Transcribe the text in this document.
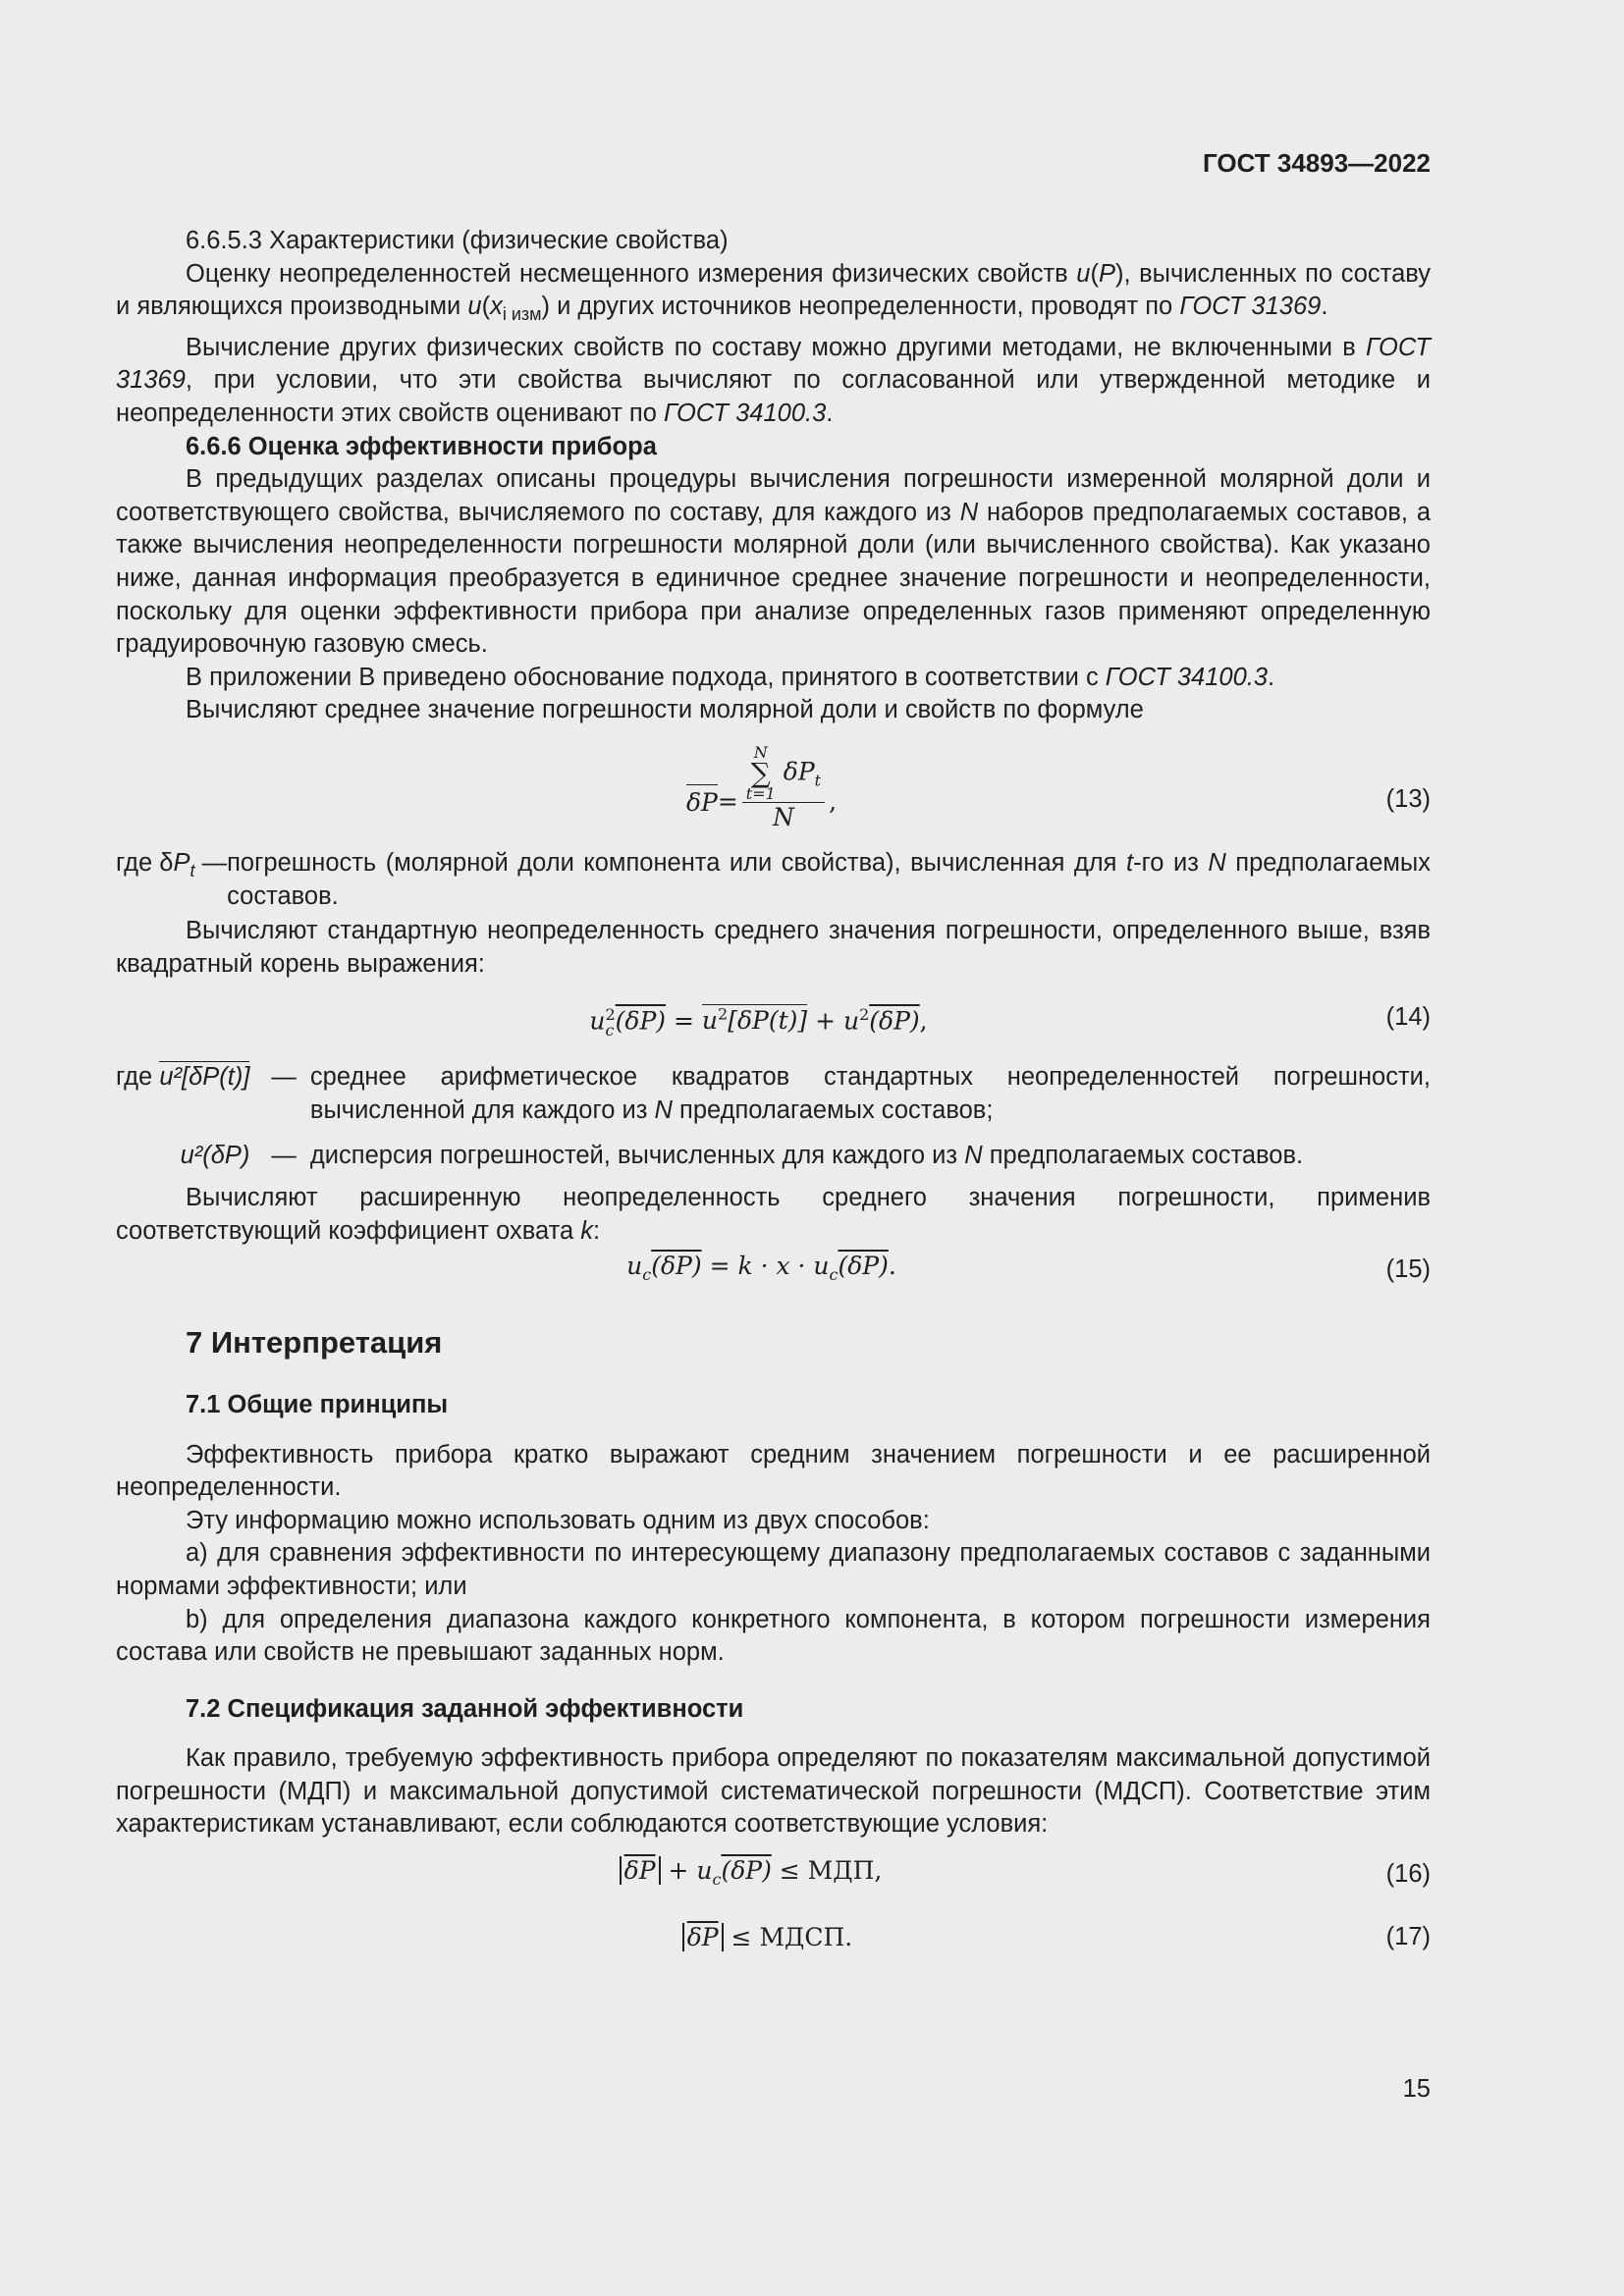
ГОСТ 34893—2022

6.6.5.3 Характеристики (физические свойства)

Оценку неопределенностей несмещенного измерения физических свойств u(P), вычисленных по составу и являющихся производными $u(x_{i изм})$ и других источников неопределенности, проводят по ГОСТ 31369.

Вычисление других физических свойств по составу можно другими методами, не включенными в ГОСТ 31369, при условии, что эти свойства вычисляют по согласованной или утвержденной методике и неопределенности этих свойств оценивают по ГОСТ 34100.3.

6.6.6 Оценка эффективности прибора

В предыдущих разделах описаны процедуры вычисления погрешности измеренной молярной доли и соответствующего свойства, вычисляемого по составу, для каждого из N наборов предполагаемых составов, а также вычисления неопределенности погрешности молярной доли (или вычисленного свойства). Как указано ниже, данная информация преобразуется в единичное среднее значение погрешности и неопределенности, поскольку для оценки эффективности прибора при анализе определенных газов применяют определенную градуировочную газовую смесь.

В приложении В приведено обоснование подхода, принятого в соответствии с ГОСТ 34100.3.

Вычисляют среднее значение погрешности молярной доли и свойств по формуле

δP =
N
∑
t=1
$\delta P_t$
N
,	(13)
где $\delta P_t$ — погрешность (молярной доли компонента или свойства), вычисленная для t-го из N предполагаемых составов.

Вычисляют стандартную неопределенность среднего значения погрешности, определенного выше, взяв квадратный корень выражения:

u 2
c $(\delta P) = u^2[\delta P(t)] + u^2(\delta P)$,	(14)
где u²[δP(t)] — среднее арифметическое квадратов стандартных неопределенностей погрешности, вычисленной для каждого из N предполагаемых составов;
u²(δP) — дисперсия погрешностей, вычисленных для каждого из N предполагаемых составов.

Вычисляют расширенную неопределенность среднего значения погрешности, применив соответствующий коэффициент охвата k:

$u_c(\delta P) = k \cdot x \cdot u_c(\delta P)$.	(15)
7 Интерпретация
7.1 Общие принципы

Эффективность прибора кратко выражают средним значением погрешности и ее расширенной неопределенности.

Эту информацию можно использовать одним из двух способов:

a) для сравнения эффективности по интересующему диапазону предполагаемых составов с заданными нормами эффективности; или

b) для определения диапазона каждого конкретного компонента, в котором погрешности измерения состава или свойств не превышают заданных норм.

7.2 Спецификация заданной эффективности

Как правило, требуемую эффективность прибора определяют по показателям максимальной допустимой погрешности (МДП) и максимальной допустимой систематической погрешности (МДСП). Соответствие этим характеристикам устанавливают, если соблюдаются соответствующие условия:

$\overline{\delta P} + u_c(\delta P)$ ≤ МДП,	(16)
$\overline{\delta P}$ ≤ МДСП.	(17)
15
